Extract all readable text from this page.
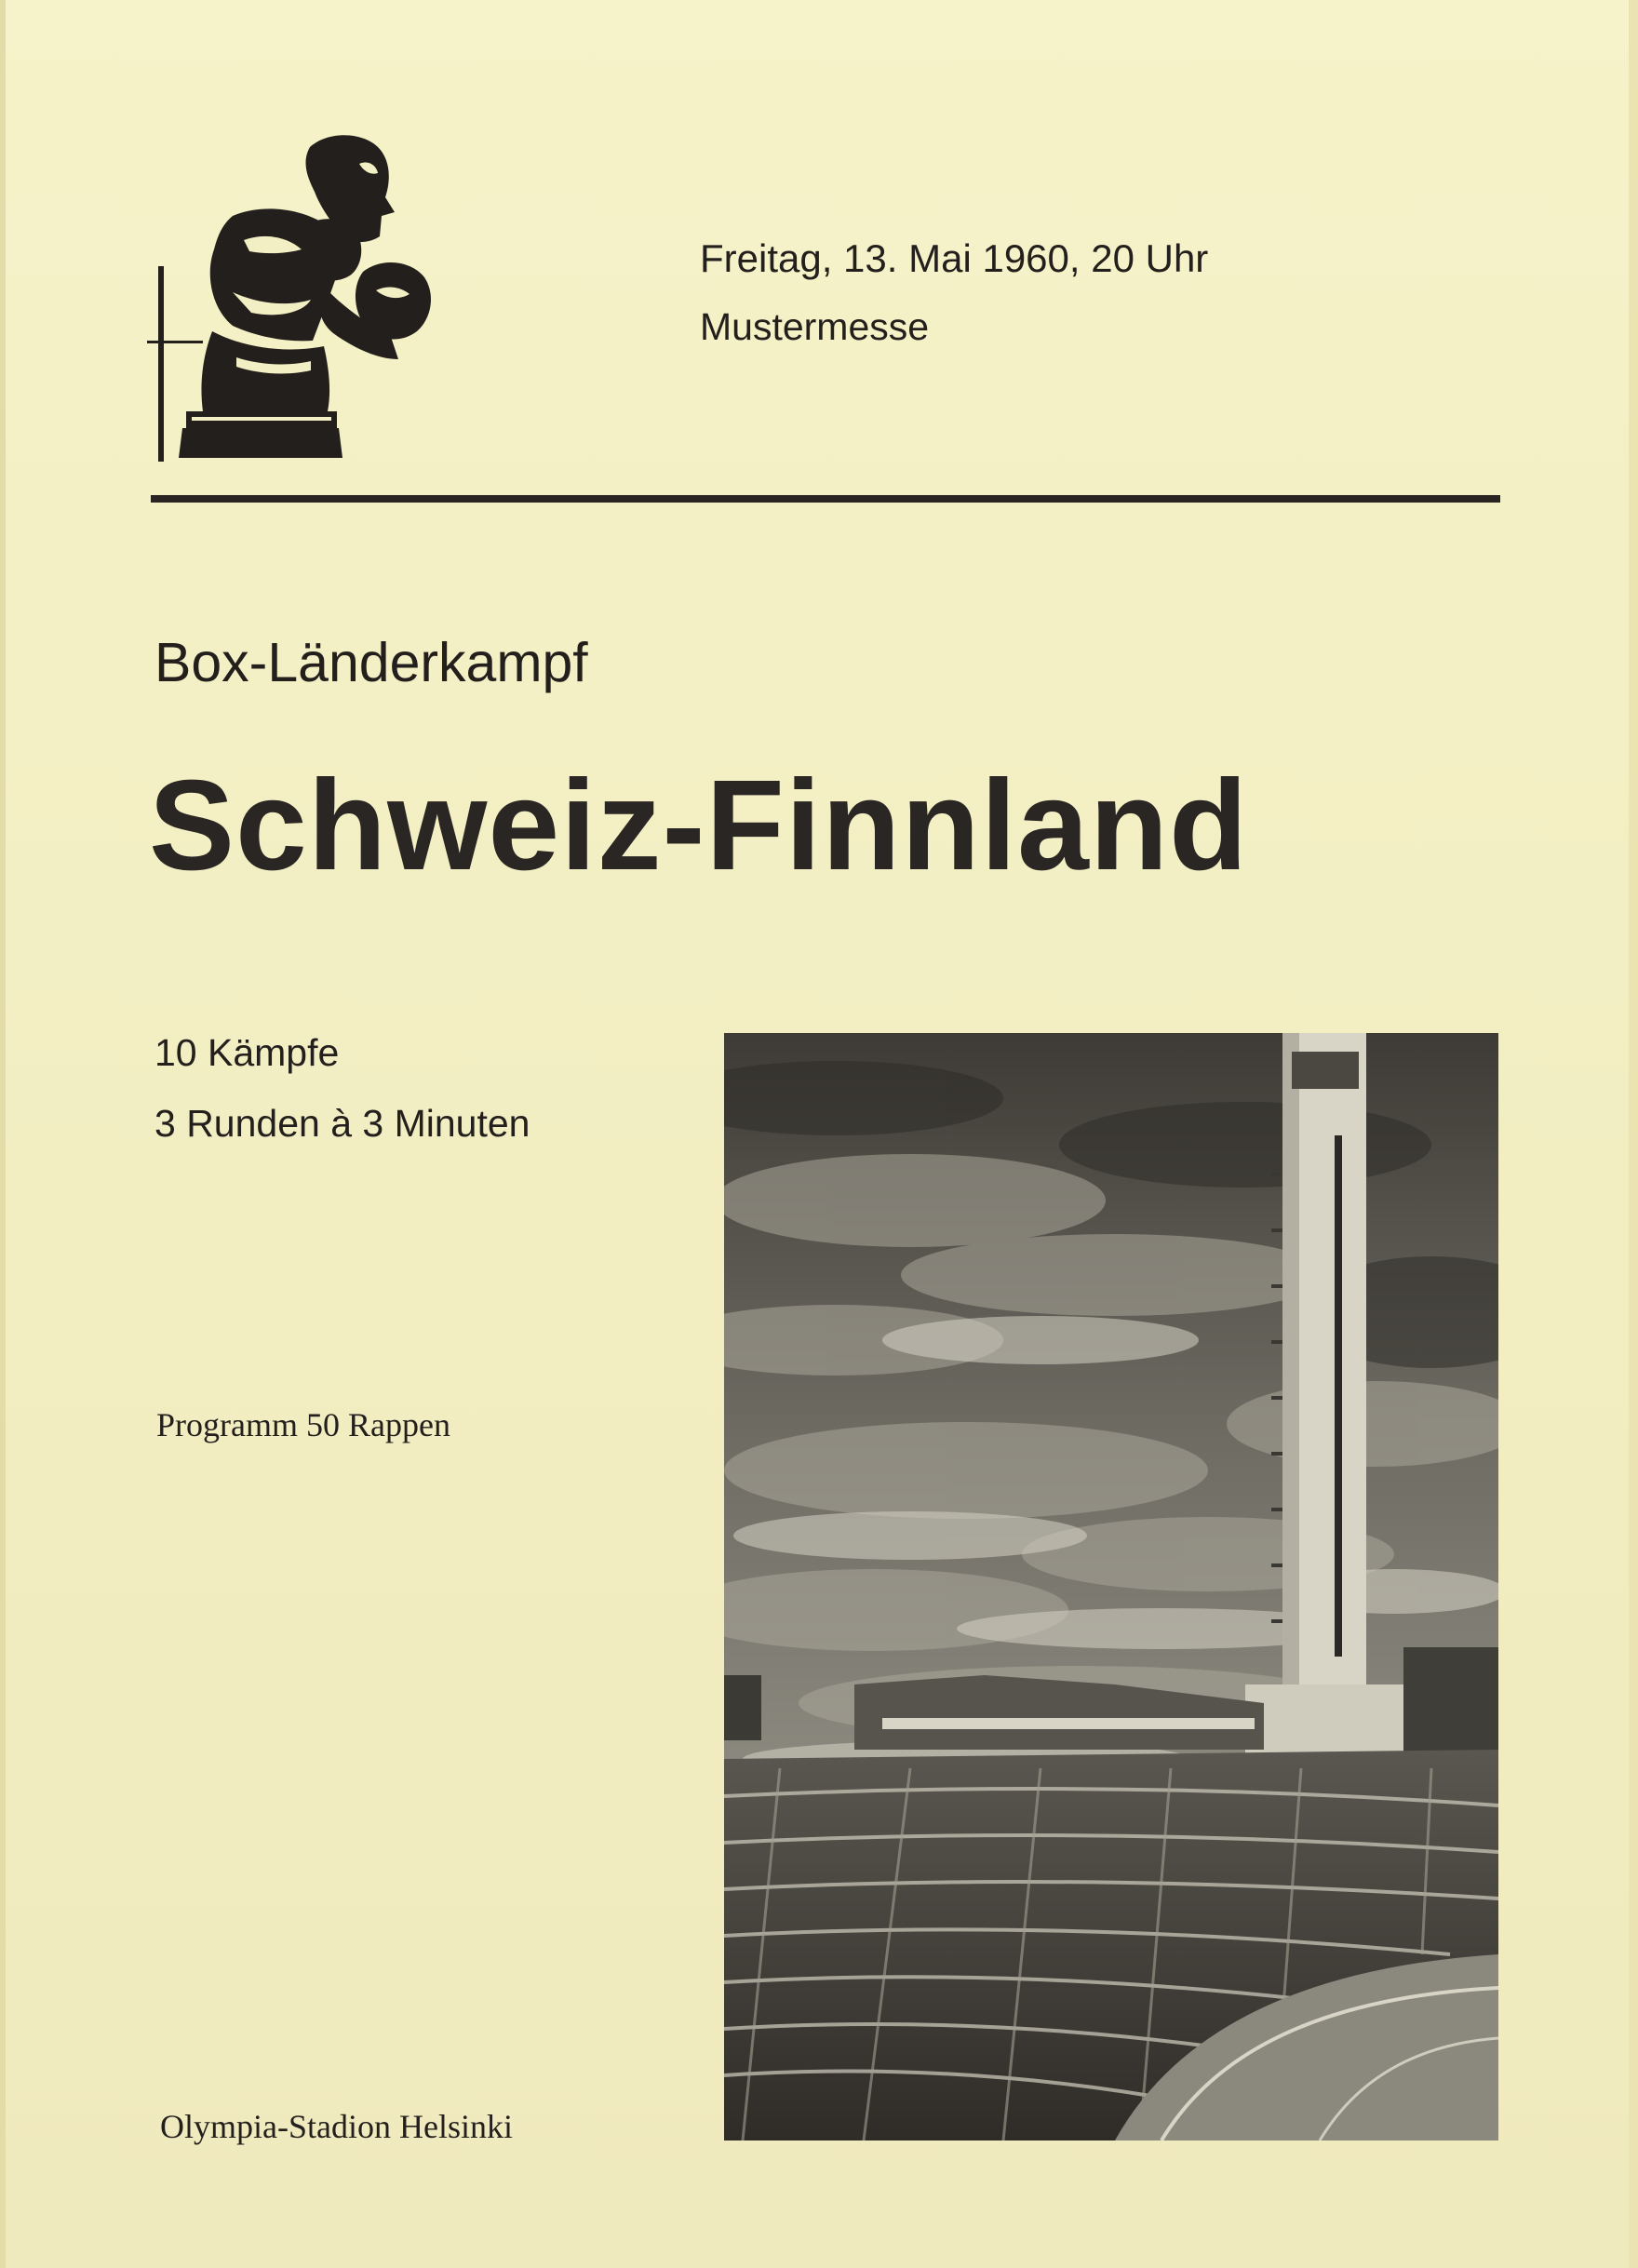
Freitag, 13. Mai 1960, 20 Uhr
Mustermesse
Box-Länderkampf
Schweiz-Finnland
10 Kämpfe
3 Runden à 3 Minuten
Programm 50 Rappen
Olympia-Stadion Helsinki
